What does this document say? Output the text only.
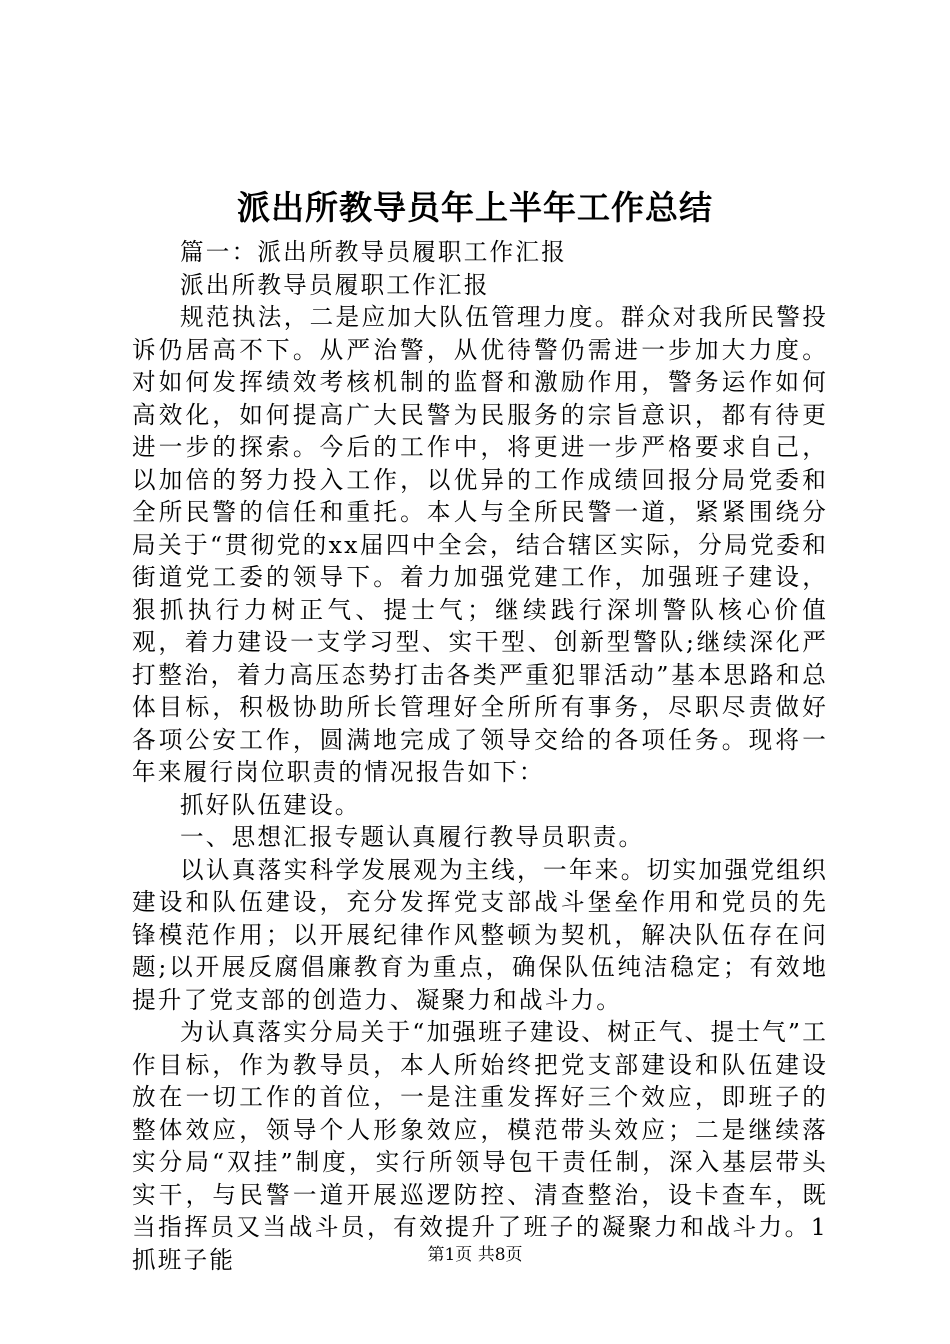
派出所教导员年上半年工作总结

篇一：派出所教导员履职工作汇报

派出所教导员履职工作汇报

规范执法，二是应加大队伍管理力度。群众对我所民警投诉仍居高不下。从严治警，从优待警仍需进一步加大力度。对如何发挥绩效考核机制的监督和激励作用，警务运作如何高效化，如何提高广大民警为民服务的宗旨意识，都有待更进一步的探索。今后的工作中，将更进一步严格要求自己，以加倍的努力投入工作，以优异的工作成绩回报分局党委和全所民警的信任和重托。本人与全所民警一道，紧紧围绕分局关于“贯彻党的xx届四中全会，结合辖区实际，分局党委和街道党工委的领导下。着力加强党建工作，加强班子建设，狠抓执行力树正气、提士气；继续践行深圳警队核心价值观，着力建设一支学习型、实干型、创新型警队;继续深化严打整治，着力高压态势打击各类严重犯罪活动”基本思路和总体目标，积极协助所长管理好全所所有事务，尽职尽责做好各项公安工作，圆满地完成了领导交给的各项任务。现将一年来履行岗位职责的情况报告如下：

抓好队伍建设。

一、思想汇报专题认真履行教导员职责。

以认真落实科学发展观为主线，一年来。切实加强党组织建设和队伍建设，充分发挥党支部战斗堡垒作用和党员的先锋模范作用；以开展纪律作风整顿为契机，解决队伍存在问题;以开展反腐倡廉教育为重点，确保队伍纯洁稳定；有效地提升了党支部的创造力、凝聚力和战斗力。

为认真落实分局关于“加强班子建设、树正气、提士气”工作目标，作为教导员，本人所始终把党支部建设和队伍建设放在一切工作的首位，一是注重发挥好三个效应，即班子的整体效应，领导个人形象效应，模范带头效应；二是继续落实分局“双挂”制度，实行所领导包干责任制，深入基层带头实干，与民警一道开展巡逻防控、清查整治，设卡查车，既当指挥员又当战斗员，有效提升了班子的凝聚力和战斗力。1抓班子能	第1页 共8页
